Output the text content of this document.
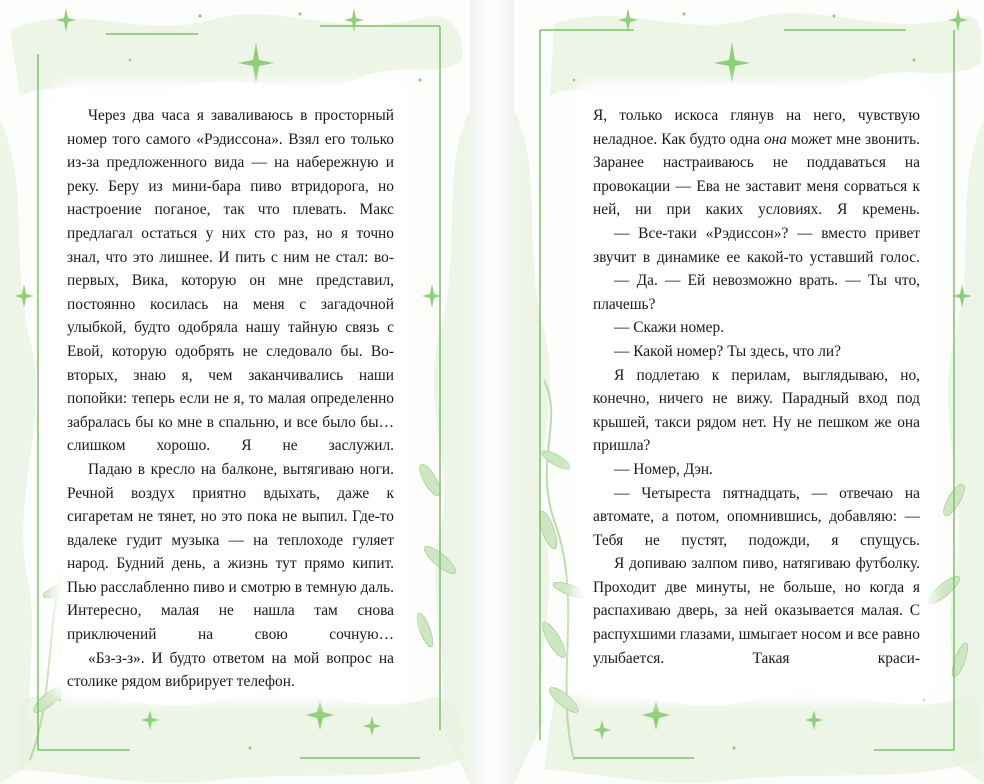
Через два часа я заваливаюсь в просторный номер того самого «Рэдиссона». Взял его только из-за предложенного вида — на набережную и реку. Беру из мини-бара пиво втридорога, но настроение поганое, так что плевать. Макс предлагал остаться у них сто раз, но я точно знал, что это лишнее. И пить с ним не стал: во-первых, Вика, которую он мне представил, постоянно косилась на меня с загадочной улыбкой, будто одобряла нашу тайную связь с Евой, которую одобрять не следовало бы. Во-вторых, знаю я, чем заканчивались наши попойки: теперь если не я, то малая определенно забралась бы ко мне в спальню, и все было бы… слишком хорошо. Я не заслужил.

Падаю в кресло на балконе, вытягиваю ноги. Речной воздух приятно вдыхать, даже к сигаретам не тянет, но это пока не выпил. Где-то вдалеке гудит музыка — на теплоходе гуляет народ. Будний день, а жизнь тут прямо кипит. Пью расслабленно пиво и смотрю в темную даль. Интересно, малая не нашла там снова приключений на свою сочную…

«Бз-з-з». И будто ответом на мой вопрос на столике рядом вибрирует телефон.

Я, только искоса глянув на него, чувствую неладное. Как будто одна она может мне звонить. Заранее настраиваюсь не поддаваться на провокации — Ева не заставит меня сорваться к ней, ни при каких условиях. Я кремень.

— Все-таки «Рэдиссон»? — вместо привет звучит в динамике ее какой-то уставший голос.

— Да. — Ей невозможно врать. — Ты что, плачешь?

— Скажи номер.

— Какой номер? Ты здесь, что ли?

Я подлетаю к перилам, выглядываю, но, конечно, ничего не вижу. Парадный вход под крышей, такси рядом нет. Ну не пешком же она пришла?

— Номер, Дэн.

— Четыреста пятнадцать, — отвечаю на автомате, а потом, опомнившись, добавляю: — Тебя не пустят, подожди, я спущусь.

Я допиваю залпом пиво, натягиваю футболку. Проходит две минуты, не больше, но когда я распахиваю дверь, за ней оказывается малая. С распухшими глазами, шмыгает носом и все равно улыбается. Такая краси-
